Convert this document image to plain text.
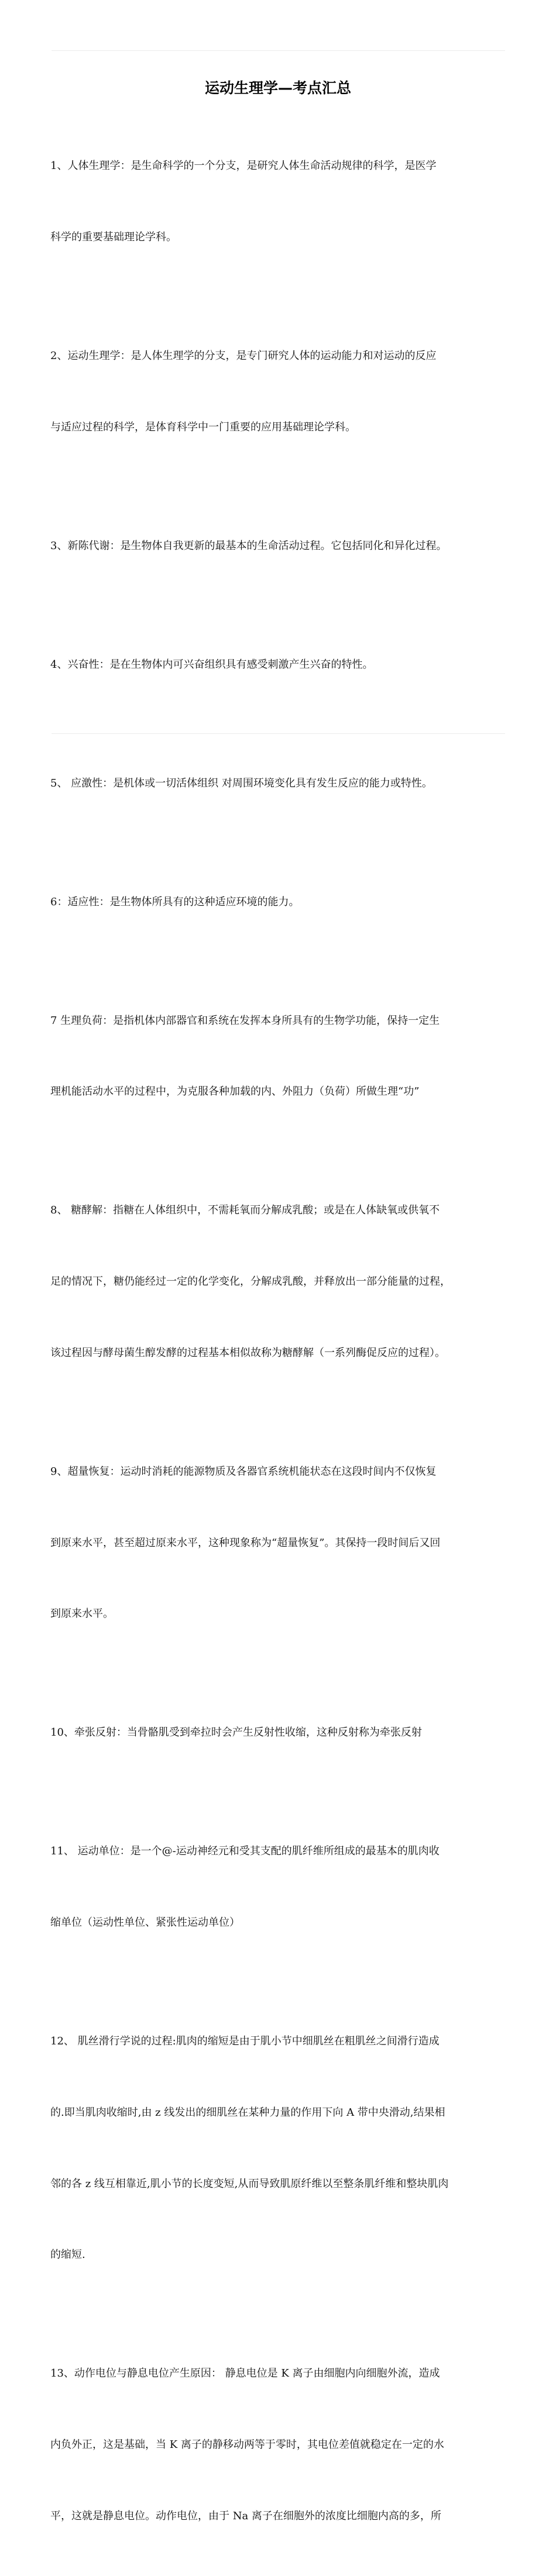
运动生理学—考点汇总

1、人体生理学：是生命科学的一个分支，是研究人体生命活动规律的科学，是医学

科学的重要基础理论学科。

2、运动生理学：是人体生理学的分支，是专门研究人体的运动能力和对运动的反应

与适应过程的科学，是体育科学中一门重要的应用基础理论学科。

3、新陈代谢：是生物体自我更新的最基本的生命活动过程。它包括同化和异化过程。

4、兴奋性：是在生物体内可兴奋组织具有感受刺激产生兴奋的特性。

5、 应激性：是机体或一切活体组织 对周围环境变化具有发生反应的能力或特性。

6：适应性：是生物体所具有的这种适应环境的能力。

7 生理负荷：是指机体内部器官和系统在发挥本身所具有的生物学功能，保持一定生

理机能活动水平的过程中，为克服各种加载的内、外阻力（负荷）所做生理“功”

8、 糖酵解：指糖在人体组织中，不需耗氧而分解成乳酸；或是在人体缺氧或供氧不

足的情况下，糖仍能经过一定的化学变化，分解成乳酸，并释放出一部分能量的过程，

该过程因与酵母菌生醇发酵的过程基本相似故称为糖酵解（一系列酶促反应的过程）。

9、超量恢复：运动时消耗的能源物质及各器官系统机能状态在这段时间内不仅恢复

到原来水平，甚至超过原来水平，这种现象称为“超量恢复”。其保持一段时间后又回

到原来水平。

10、牵张反射：当骨骼肌受到牵拉时会产生反射性收缩，这种反射称为牵张反射

11、 运动单位：是一个@-运动神经元和受其支配的肌纤维所组成的最基本的肌肉收

缩单位（运动性单位、紧张性运动单位）

12、 肌丝滑行学说的过程:肌肉的缩短是由于肌小节中细肌丝在粗肌丝之间滑行造成

的.即当肌肉收缩时,由 z 线发出的细肌丝在某种力量的作用下向 A 带中央滑动,结果相

邻的各 z 线互相靠近,肌小节的长度变短,从而导致肌原纤维以至整条肌纤维和整块肌肉

的缩短.

13、动作电位与静息电位产生原因： 静息电位是 K 离子由细胞内向细胞外流，造成

内负外正，这是基础，当 K 离子的静移动两等于零时，其电位差值就稳定在一定的水

平，这就是静息电位。动作电位，由于 Na 离子在细胞外的浓度比细胞内高的多，所
